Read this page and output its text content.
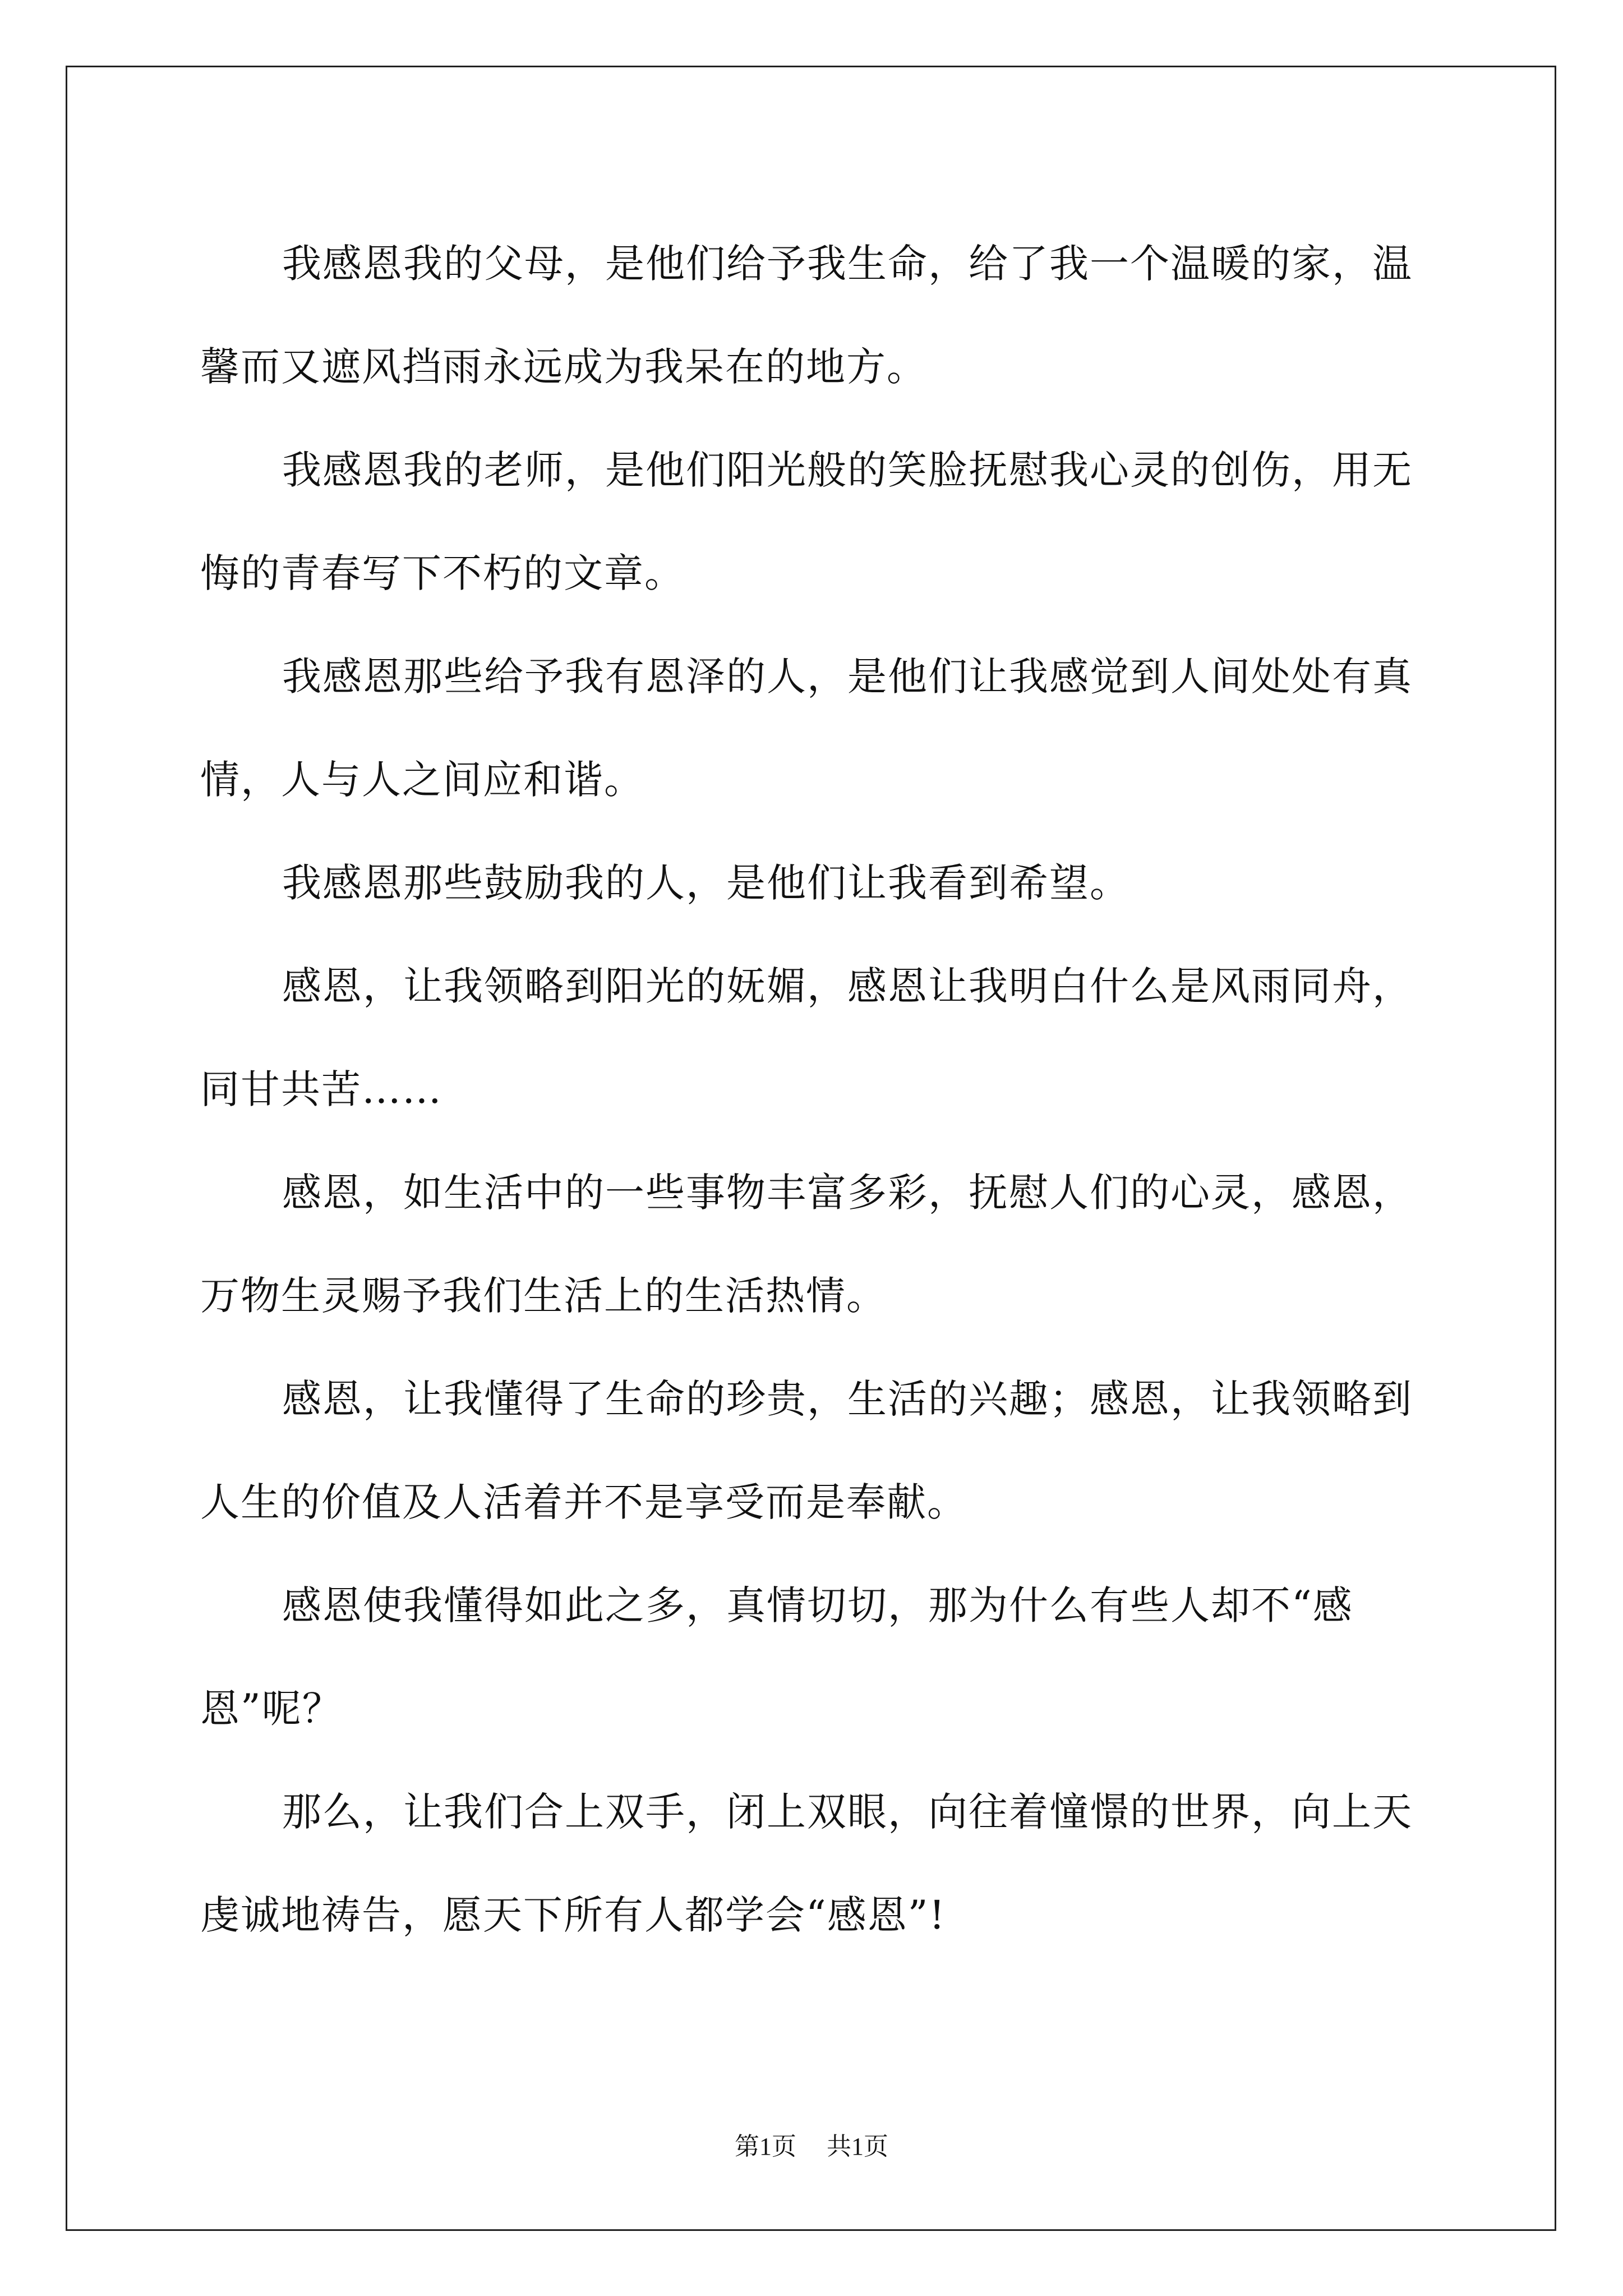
我感恩我的父母，是他们给予我生命，给了我一个温暖的家，温馨而又遮风挡雨永远成为我呆在的地方。

我感恩我的老师，是他们阳光般的笑脸抚慰我心灵的创伤，用无悔的青春写下不朽的文章。

我感恩那些给予我有恩泽的人，是他们让我感觉到人间处处有真情，人与人之间应和谐。

我感恩那些鼓励我的人，是他们让我看到希望。

感恩，让我领略到阳光的妩媚，感恩让我明白什么是风雨同舟，同甘共苦……

感恩，如生活中的一些事物丰富多彩，抚慰人们的心灵，感恩，万物生灵赐予我们生活上的生活热情。

感恩，让我懂得了生命的珍贵，生活的兴趣；感恩，让我领略到人生的价值及人活着并不是享受而是奉献。

感恩使我懂得如此之多，真情切切，那为什么有些人却不“感恩”呢？

那么，让我们合上双手，闭上双眼，向往着憧憬的世界，向上天虔诚地祷告，愿天下所有人都学会“感恩”!

第1页 共1页
